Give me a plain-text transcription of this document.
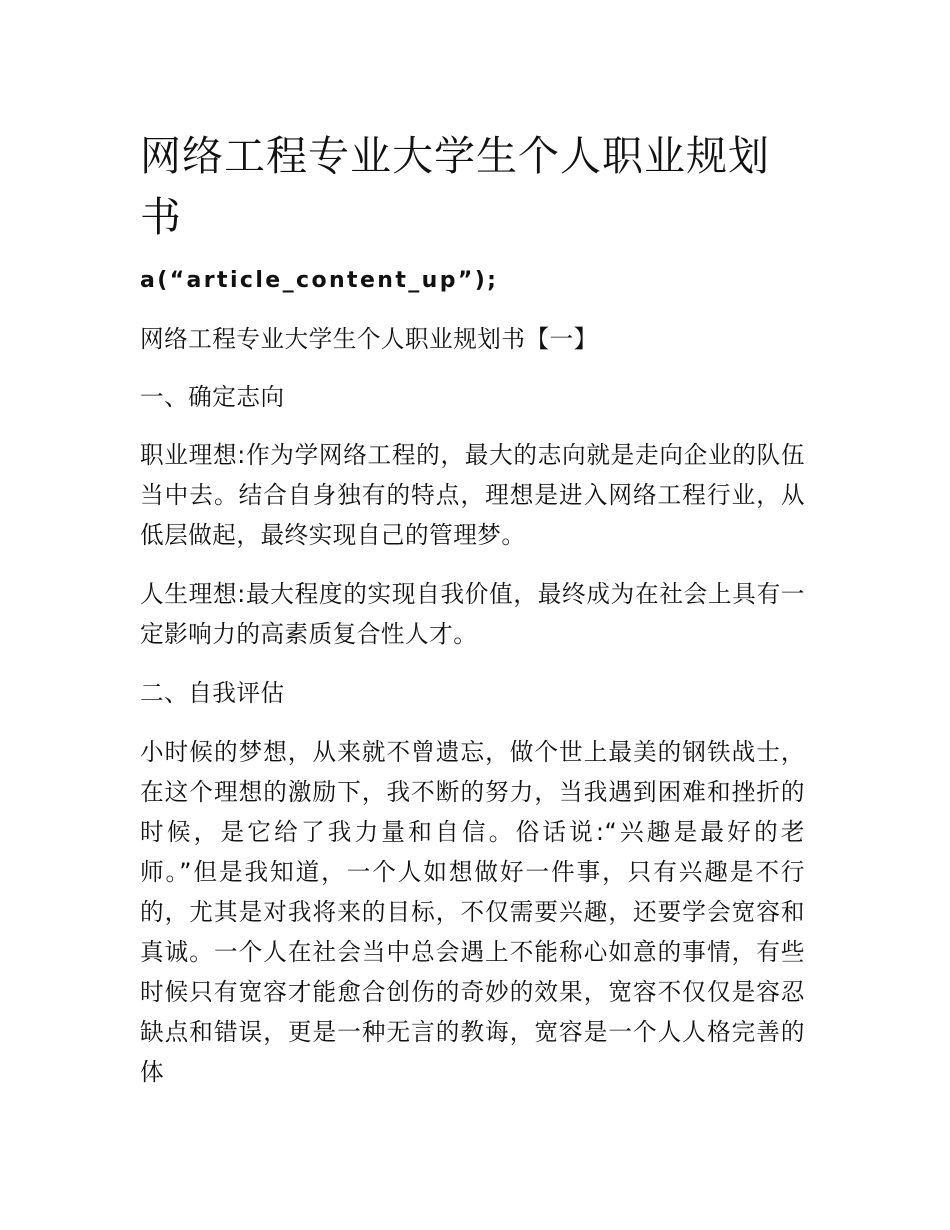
网络工程专业大学生个人职业规划书

a(“article_content_up”);

网络工程专业大学生个人职业规划书【一】

一、确定志向

职业理想:作为学网络工程的，最大的志向就是走向企业的队伍当中去。结合自身独有的特点，理想是进入网络工程行业，从低层做起，最终实现自己的管理梦。

人生理想:最大程度的实现自我价值，最终成为在社会上具有一定影响力的高素质复合性人才。

二、自我评估

小时候的梦想，从来就不曾遗忘，做个世上最美的钢铁战士，在这个理想的激励下，我不断的努力，当我遇到困难和挫折的时候，是它给了我力量和自信。俗话说:“兴趣是最好的老师。”但是我知道，一个人如想做好一件事，只有兴趣是不行的，尤其是对我将来的目标，不仅需要兴趣，还要学会宽容和真诚。一个人在社会当中总会遇上不能称心如意的事情，有些时候只有宽容才能愈合创伤的奇妙的效果，宽容不仅仅是容忍缺点和错误，更是一种无言的教诲，宽容是一个人人格完善的体
